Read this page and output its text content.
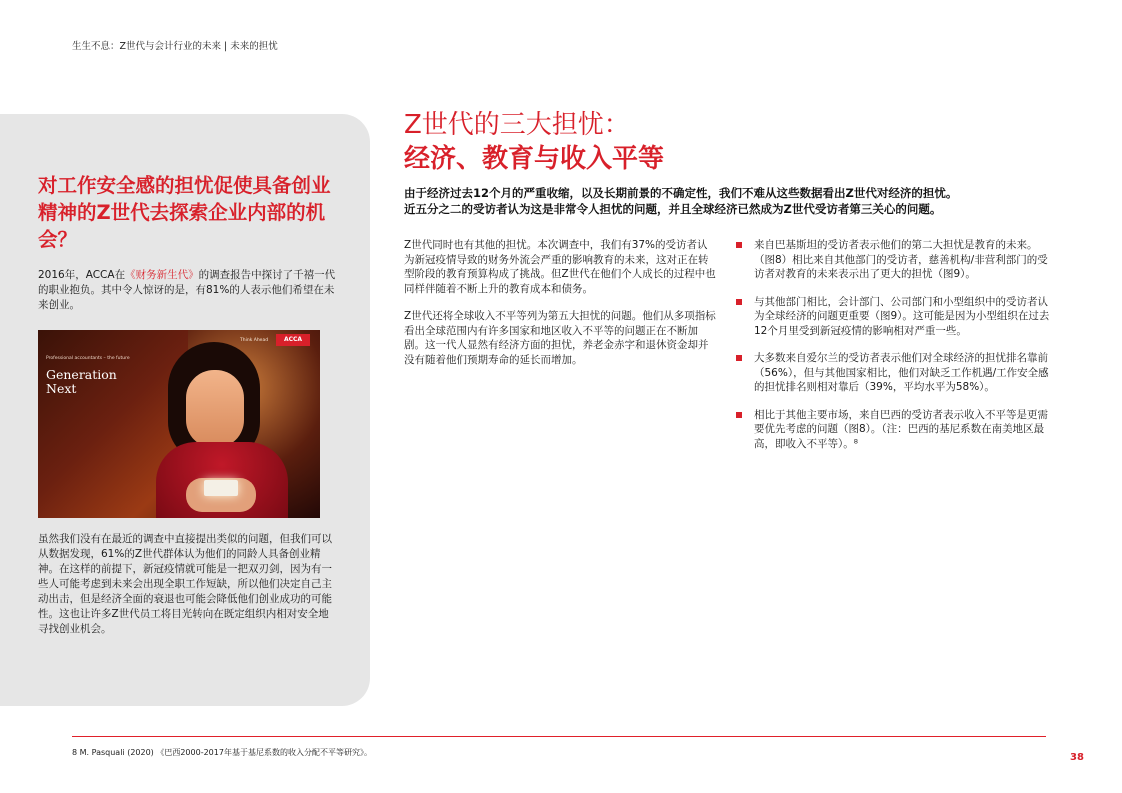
生生不息：Z世代与会计行业的未来 | 未来的担忧
对工作安全感的担忧促使具备创业精神的Z世代去探索企业内部的机会？

2016年，ACCA在《财务新生代》的调查报告中探讨了千禧一代的职业抱负。其中令人惊讶的是，有81%的人表示他们希望在未来创业。

Professional accountants – the future
Generation
Next
Think Ahead	ACCA

虽然我们没有在最近的调查中直接提出类似的问题，但我们可以从数据发现，61%的Z世代群体认为他们的同龄人具备创业精神。在这样的前提下，新冠疫情就可能是一把双刃剑，因为有一些人可能考虑到未来会出现全职工作短缺，所以他们决定自己主动出击，但是经济全面的衰退也可能会降低他们创业成功的可能性。这也让许多Z世代员工将目光转向在既定组织内相对安全地寻找创业机会。

Z世代的三大担忧：
经济、教育与收入平等

由于经济过去12个月的严重收缩，以及长期前景的不确定性，我们不难从这些数据看出Z世代对经济的担忧。
近五分之二的受访者认为这是非常令人担忧的问题，并且全球经济已然成为Z世代受访者第三关心的问题。

Z世代同时也有其他的担忧。本次调查中，我们有37%的受访者认为新冠疫情导致的财务外流会严重的影响教育的未来，这对正在转型阶段的教育预算构成了挑战。但Z世代在他们个人成长的过程中也同样伴随着不断上升的教育成本和债务。

Z世代还将全球收入不平等列为第五大担忧的问题。他们从多项指标看出全球范围内有许多国家和地区收入不平等的问题正在不断加剧。这一代人显然有经济方面的担忧，养老金赤字和退休资金却并没有随着他们预期寿命的延长而增加。

来自巴基斯坦的受访者表示他们的第二大担忧是教育的未来。（图8）相比来自其他部门的受访者，慈善机构/非营利部门的受访者对教育的未来表示出了更大的担忧（图9）。
与其他部门相比，会计部门、公司部门和小型组织中的受访者认为全球经济的问题更重要（图9）。这可能是因为小型组织在过去12个月里受到新冠疫情的影响相对严重一些。
大多数来自爱尔兰的受访者表示他们对全球经济的担忧排名靠前（56%），但与其他国家相比，他们对缺乏工作机遇/工作安全感的担忧排名则相对靠后（39%，平均水平为58%）。
相比于其他主要市场，来自巴西的受访者表示收入不平等是更需要优先考虑的问题（图8）。（注：巴西的基尼系数在南美地区最高，即收入不平等）。⁸

8 M. Pasquali (2020) 《巴西2000-2017年基于基尼系数的收入分配不平等研究》。	38
